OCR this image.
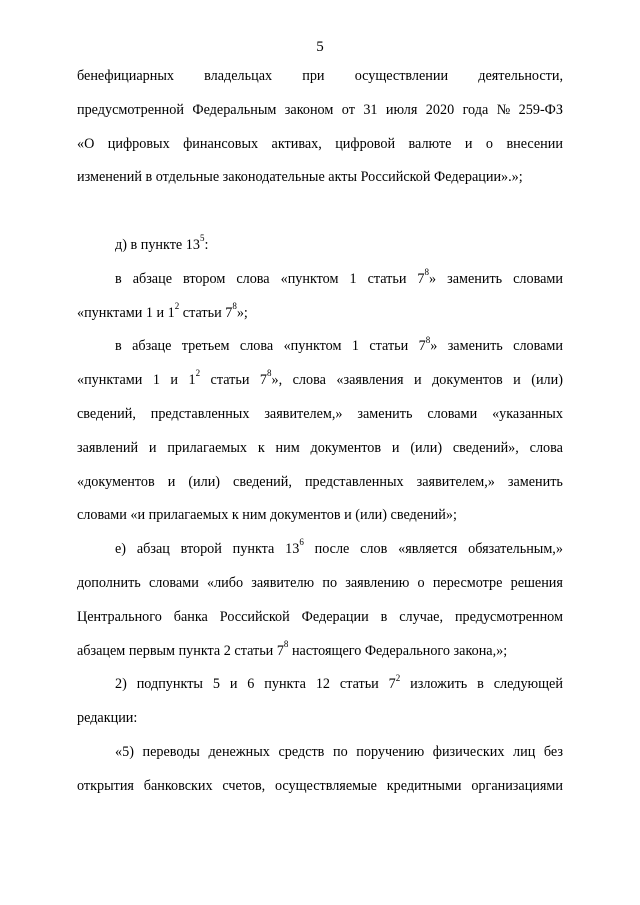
5
бенефициарных владельцах при осуществлении деятельности,
предусмотренной Федеральным законом от 31 июля 2020 года № 259-ФЗ
«О цифровых финансовых активах, цифровой валюте и о внесении
изменений в отдельные законодательные акты Российской Федерации».»;

д) в пункте $13^5$:
в абзаце втором слова «пунктом 1 статьи $7^8$» заменить словами
«пунктами 1 и $1^2$ статьи $7^8$»;
в абзаце третьем слова «пунктом 1 статьи $7^8$» заменить словами
«пунктами 1 и $1^2$ статьи $7^8$», слова «заявления и документов и (или)
сведений, представленных заявителем,» заменить словами «указанных
заявлений и прилагаемых к ним документов и (или) сведений», слова
«документов и (или) сведений, представленных заявителем,» заменить
словами «и прилагаемых к ним документов и (или) сведений»;
е) абзац второй пункта $13^6$ после слов «является обязательным,»
дополнить словами «либо заявителю по заявлению о пересмотре решения
Центрального банка Российской Федерации в случае, предусмотренном
абзацем первым пункта 2 статьи $7^8$ настоящего Федерального закона,»;
2) подпункты 5 и 6 пункта 12 статьи $7^2$ изложить в следующей
редакции:
«5) переводы денежных средств по поручению физических лиц без
открытия банковских счетов, осуществляемые кредитными организациями
